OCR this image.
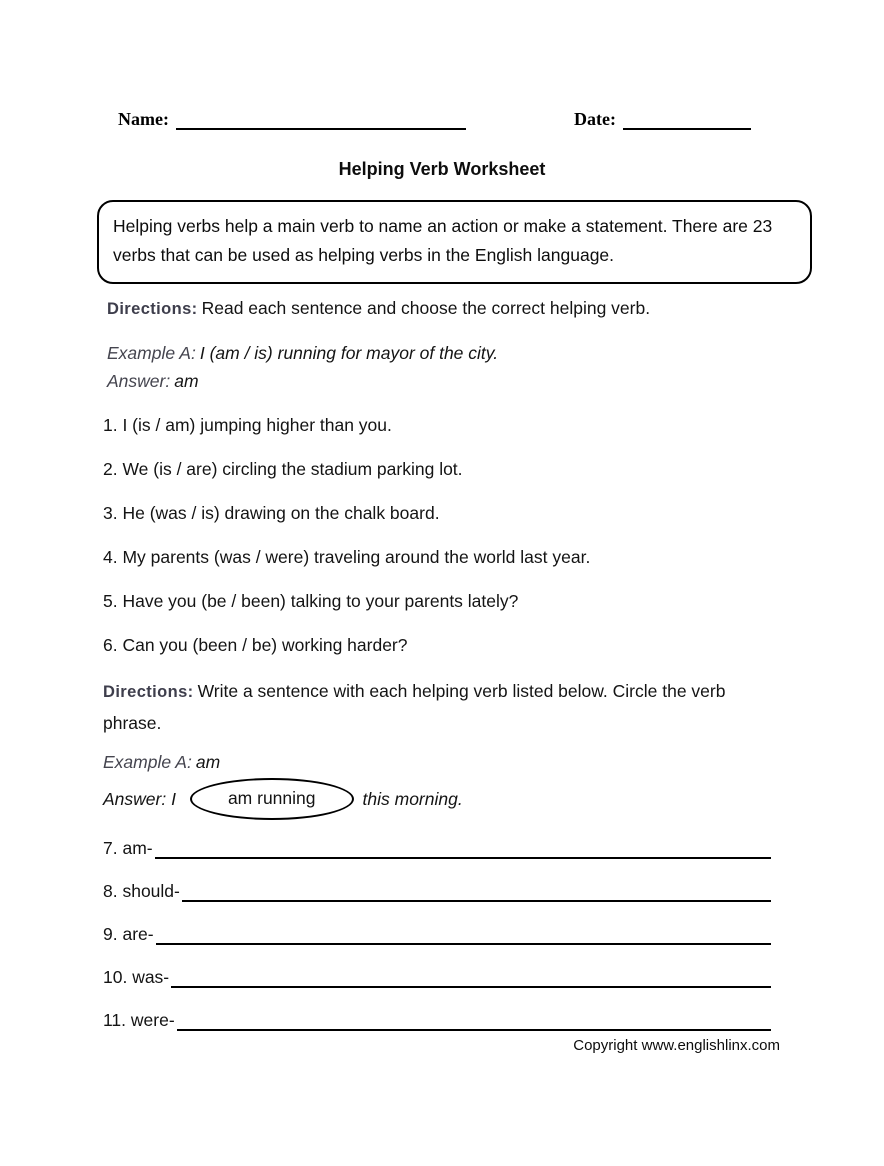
Name:	Date:
Helping Verb Worksheet
Helping verbs help a main verb to name an action or make a statement. There are 23 verbs that can be used as helping verbs in the English language.
Directions: Read each sentence and choose the correct helping verb.
Example A: I (am / is) running for mayor of the city.
Answer: am
1. I (is / am) jumping higher than you.
2. We (is / are) circling the stadium parking lot.
3. He (was / is) drawing on the chalk board.
4. My parents (was / were) traveling around the world last year.
5. Have you (be / been) talking to your parents lately?
6. Can you (been / be) working harder?
Directions: Write a sentence with each helping verb listed below. Circle the verb phrase.
Example A: am
Answer: I	am running	this morning.
7. am-
8. should-
9. are-
10. was-
11. were-
Copyright www.englishlinx.com
